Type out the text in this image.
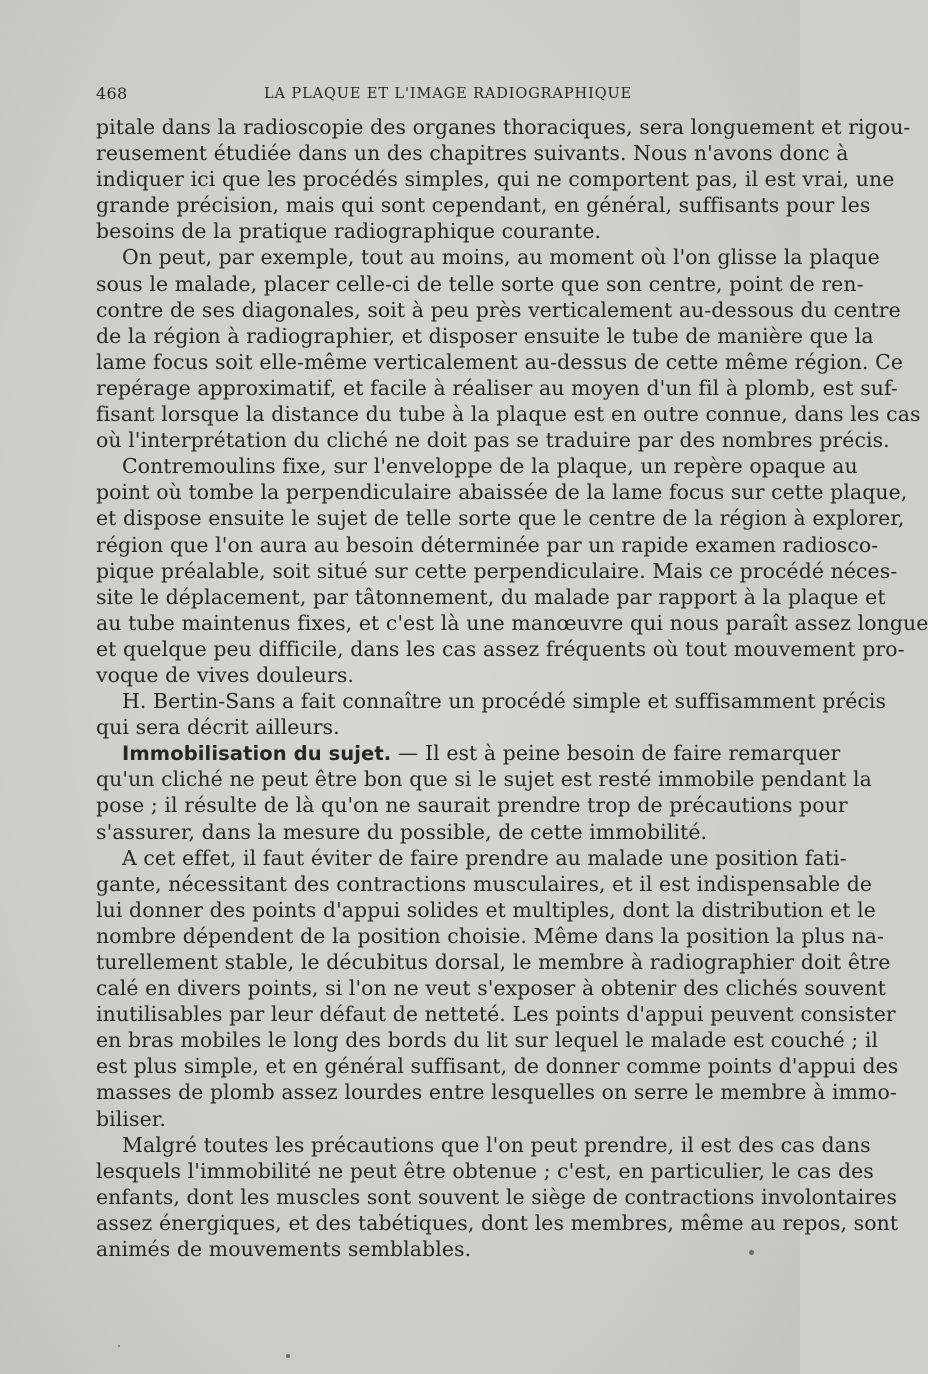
468	LA PLAQUE ET L'IMAGE RADIOGRAPHIQUE
pitale dans la radioscopie des organes thoraciques, sera longuement et rigou-
reusement étudiée dans un des chapitres suivants. Nous n'avons donc à
indiquer ici que les procédés simples, qui ne comportent pas, il est vrai, une
grande précision, mais qui sont cependant, en général, suffisants pour les
besoins de la pratique radiographique courante.
On peut, par exemple, tout au moins, au moment où l'on glisse la plaque
sous le malade, placer celle-ci de telle sorte que son centre, point de ren-
contre de ses diagonales, soit à peu près verticalement au-dessous du centre
de la région à radiographier, et disposer ensuite le tube de manière que la
lame focus soit elle-même verticalement au-dessus de cette même région. Ce
repérage approximatif, et facile à réaliser au moyen d'un fil à plomb, est suf-
fisant lorsque la distance du tube à la plaque est en outre connue, dans les cas
où l'interprétation du cliché ne doit pas se traduire par des nombres précis.
Contremoulins fixe, sur l'enveloppe de la plaque, un repère opaque au
point où tombe la perpendiculaire abaissée de la lame focus sur cette plaque,
et dispose ensuite le sujet de telle sorte que le centre de la région à explorer,
région que l'on aura au besoin déterminée par un rapide examen radiosco-
pique préalable, soit situé sur cette perpendiculaire. Mais ce procédé néces-
site le déplacement, par tâtonnement, du malade par rapport à la plaque et
au tube maintenus fixes, et c'est là une manœuvre qui nous paraît assez longue
et quelque peu difficile, dans les cas assez fréquents où tout mouvement pro-
voque de vives douleurs.
H. Bertin-Sans a fait connaître un procédé simple et suffisamment précis
qui sera décrit ailleurs.
Immobilisation du sujet. — Il est à peine besoin de faire remarquer
qu'un cliché ne peut être bon que si le sujet est resté immobile pendant la
pose ; il résulte de là qu'on ne saurait prendre trop de précautions pour
s'assurer, dans la mesure du possible, de cette immobilité.
A cet effet, il faut éviter de faire prendre au malade une position fati-
gante, nécessitant des contractions musculaires, et il est indispensable de
lui donner des points d'appui solides et multiples, dont la distribution et le
nombre dépendent de la position choisie. Même dans la position la plus na-
turellement stable, le décubitus dorsal, le membre à radiographier doit être
calé en divers points, si l'on ne veut s'exposer à obtenir des clichés souvent
inutilisables par leur défaut de netteté. Les points d'appui peuvent consister
en bras mobiles le long des bords du lit sur lequel le malade est couché ; il
est plus simple, et en général suffisant, de donner comme points d'appui des
masses de plomb assez lourdes entre lesquelles on serre le membre à immo-
biliser.
Malgré toutes les précautions que l'on peut prendre, il est des cas dans
lesquels l'immobilité ne peut être obtenue ; c'est, en particulier, le cas des
enfants, dont les muscles sont souvent le siège de contractions involontaires
assez énergiques, et des tabétiques, dont les membres, même au repos, sont
animés de mouvements semblables.
